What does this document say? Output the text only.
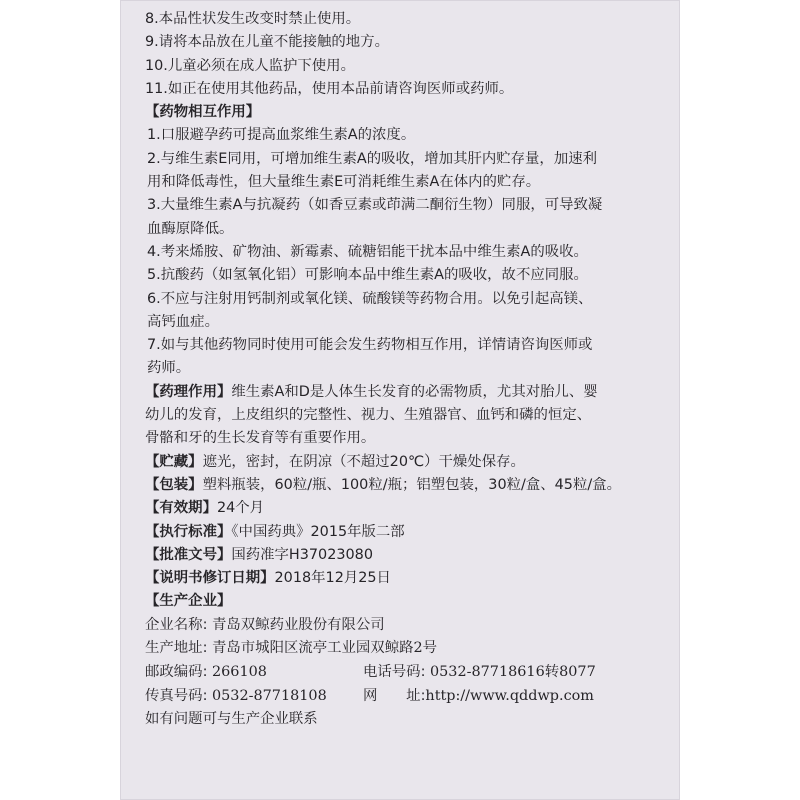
8.本品性状发生改变时禁止使用。
9.请将本品放在儿童不能接触的地方。
10.儿童必须在成人监护下使用。
11.如正在使用其他药品，使用本品前请咨询医师或药师。
【药物相互作用】
1.口服避孕药可提高血浆维生素A的浓度。
2.与维生素E同用，可增加维生素A的吸收，增加其肝内贮存量，加速利
用和降低毒性，但大量维生素E可消耗维生素A在体内的贮存。
3.大量维生素A与抗凝药（如香豆素或茚满二酮衍生物）同服，可导致凝
血酶原降低。
4.考来烯胺、矿物油、新霉素、硫糖铝能干扰本品中维生素A的吸收。
5.抗酸药（如氢氧化铝）可影响本品中维生素A的吸收，故不应同服。
6.不应与注射用钙制剂或氧化镁、硫酸镁等药物合用。以免引起高镁、
高钙血症。
7.如与其他药物同时使用可能会发生药物相互作用，详情请咨询医师或
药师。
【药理作用】维生素A和D是人体生长发育的必需物质，尤其对胎儿、婴
幼儿的发育，上皮组织的完整性、视力、生殖器官、血钙和磷的恒定、
骨骼和牙的生长发育等有重要作用。
【贮藏】遮光，密封，在阴凉（不超过20℃）干燥处保存。
【包装】塑料瓶装，60粒/瓶、100粒/瓶；铝塑包装，30粒/盒、45粒/盒。
【有效期】24个月
【执行标准】《中国药典》2015年版二部
【批准文号】国药准字H37023080
【说明书修订日期】2018年12月25日
【生产企业】
企业名称: 青岛双鲸药业股份有限公司
生产地址: 青岛市城阳区流亭工业园双鲸路2号
邮政编码: 266108	电话号码: 0532-87718616转8077
传真号码: 0532-87718108	网　　址:http://www.qddwp.com
如有问题可与生产企业联系
